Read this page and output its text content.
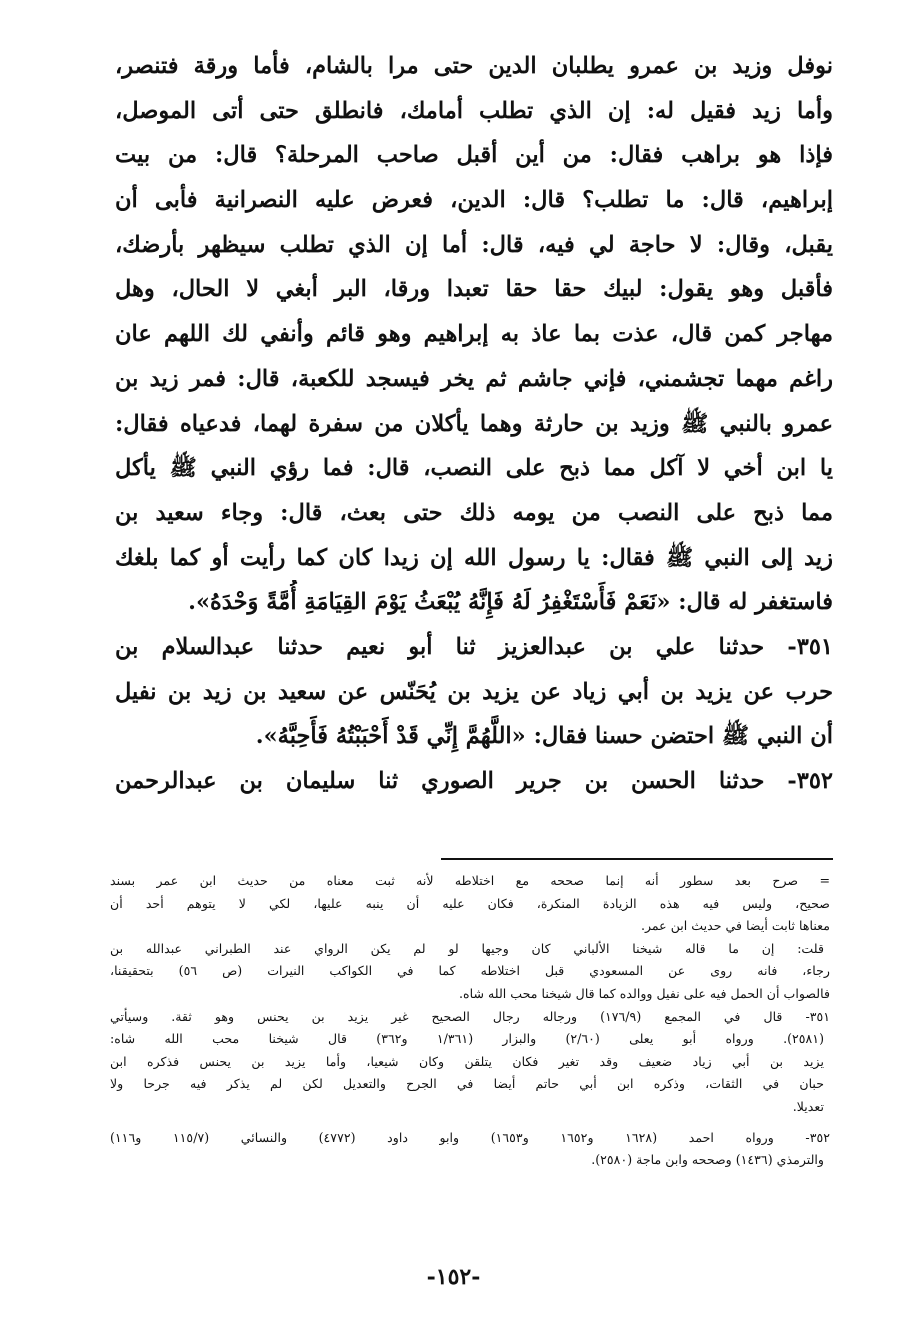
نوفل وزيد بن عمرو يطلبان الدين حتى مرا بالشام، فأما ورقة فتنصر،
وأما زيد فقيل له: إن الذي تطلب أمامك، فانطلق حتى أتى الموصل،
فإذا هو براهب فقال: من أين أقبل صاحب المرحلة؟ قال: من بيت
إبراهيم، قال: ما تطلب؟ قال: الدين، فعرض عليه النصرانية فأبى أن
يقبل، وقال: لا حاجة لي فيه، قال: أما إن الذي تطلب سيظهر بأرضك،
فأقبل وهو يقول: لبيك حقا حقا تعبدا ورقا، البر أبغي لا الحال، وهل
مهاجر كمن قال، عذت بما عاذ به إبراهيم وهو قائم وأنفي لك اللهم عان
راغم مهما تجشمني، فإني جاشم ثم يخر فيسجد للكعبة، قال: فمر زيد بن
عمرو بالنبي ﷺ وزيد بن حارثة وهما يأكلان من سفرة لهما، فدعياه فقال:
يا ابن أخي لا آكل مما ذبح على النصب، قال: فما رؤي النبي ﷺ يأكل
مما ذبح على النصب من يومه ذلك حتى بعث، قال: وجاء سعيد بن
زيد إلى النبي ﷺ فقال: يا رسول الله إن زيدا كان كما رأيت أو كما بلغك
فاستغفر له قال: «نَعَمْ فَأَسْتَغْفِرُ لَهُ فَإِنَّهُ يُبْعَثُ يَوْمَ القِيَامَةِ أُمَّةً وَحْدَهُ».
٣٥١- حدثنا علي بن عبدالعزيز ثنا أبو نعيم حدثنا عبدالسلام بن
حرب عن يزيد بن أبي زياد عن يزيد بن يُحَنّس عن سعيد بن زيد بن نفيل
أن النبي ﷺ احتضن حسنا فقال: «اللَّهُمَّ إِنِّي قَدْ أَحْبَبْتُهُ فَأَحِبَّهُ».
٣٥٢- حدثنا الحسن بن جرير الصوري ثنا سليمان بن عبدالرحمن
= صرح بعد سطور أنه إنما صححه مع اختلاطه لأنه ثبت معناه من حديث ابن عمر بسند
صحيح، وليس فيه هذه الزيادة المنكرة، فكان عليه أن ينبه عليها، لكي لا يتوهم أحد أن
معناها ثابت أيضا في حديث ابن عمر.
قلت: إن ما قاله شيخنا الألباني كان وجيها لو لم يكن الرواي عند الطبراني عبدالله بن
رجاء، فانه روى عن المسعودي قبل اختلاطه كما في الكواكب النيرات (ص ٥٦) بتحقيقنا،
فالصواب أن الحمل فيه على نفيل ووالده كما قال شيخنا محب الله شاه.
٣٥١- قال في المجمع (١٧٦/٩) ورجاله رجال الصحيح غير يزيد بن يحنس وهو ثقة. وسيأتي
(٢٥٨١). ورواه أبو يعلى (٢/٦٠) والبزار (١/٣٦١ و٣٦٢) قال شيخنا محب الله شاه:
يزيد بن أبي زياد ضعيف وقد تغير فكان يتلقن وكان شيعيا، وأما يزيد بن يحنس فذكره ابن
حبان في الثقات، وذكره ابن أبي حاتم أيضا في الجرح والتعديل لكن لم يذكر فيه جرحا ولا
تعديلا.
٣٥٢- ورواه احمد (١٦٢٨ و١٦٥٢ و١٦٥٣) وابو داود (٤٧٧٢) والنسائي (١١٥/٧ و١١٦)
والترمذي (١٤٣٦) وصححه وابن ماجة (٢٥٨٠).
-١٥٢-
